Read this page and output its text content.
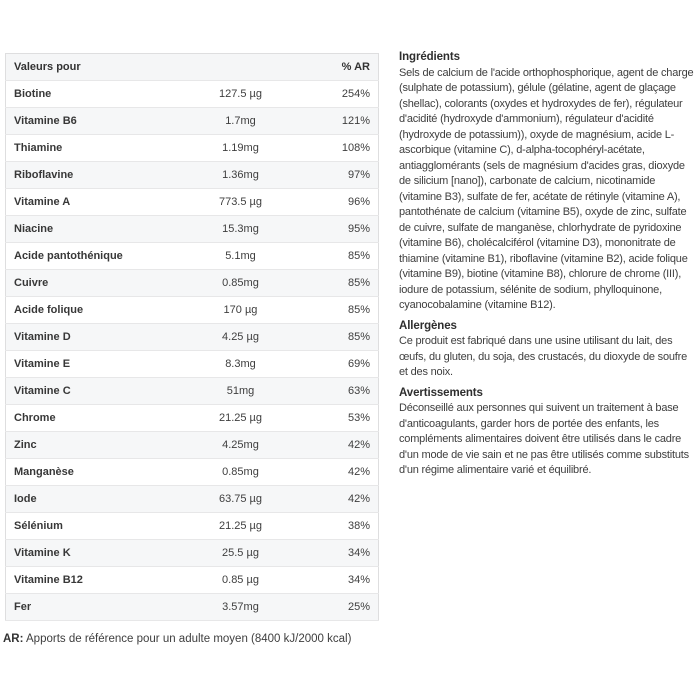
Valeurs pour		% AR
Biotine	127.5 µg	254%
Vitamine B6	1.7mg	121%
Thiamine	1.19mg	108%
Riboflavine	1.36mg	97%
Vitamine A	773.5 µg	96%
Niacine	15.3mg	95%
Acide pantothénique	5.1mg	85%
Cuivre	0.85mg	85%
Acide folique	170 µg	85%
Vitamine D	4.25 µg	85%
Vitamine E	8.3mg	69%
Vitamine C	51mg	63%
Chrome	21.25 µg	53%
Zinc	4.25mg	42%
Manganèse	0.85mg	42%
Iode	63.75 µg	42%
Sélénium	21.25 µg	38%
Vitamine K	25.5 µg	34%
Vitamine B12	0.85 µg	34%
Fer	3.57mg	25%

AR: Apports de référence pour un adulte moyen (8400 kJ/2000 kcal)

Ingrédients

Sels de calcium de l'acide orthophosphorique, agent de charge (sulphate de potassium), gélule (gélatine, agent de glaçage (shellac), colorants (oxydes et hydroxydes de fer), régulateur d'acidité (hydroxyde d'ammonium), régulateur d'acidité (hydroxyde de potassium)), oxyde de magnésium, acide L-ascorbique (vitamine C), d-alpha-tocophéryl-acétate, antiagglomérants (sels de magnésium d'acides gras, dioxyde de silicium [nano]), carbonate de calcium, nicotinamide (vitamine B3), sulfate de fer, acétate de rétinyle (vitamine A), pantothénate de calcium (vitamine B5), oxyde de zinc, sulfate de cuivre, sulfate de manganèse, chlorhydrate de pyridoxine (vitamine B6), cholécalciférol (vitamine D3), mononitrate de thiamine (vitamine B1), riboflavine (vitamine B2), acide folique (vitamine B9), biotine (vitamine B8), chlorure de chrome (III), iodure de potassium, sélénite de sodium, phylloquinone, cyanocobalamine (vitamine B12).

Allergènes

Ce produit est fabriqué dans une usine utilisant du lait, des œufs, du gluten, du soja, des crustacés, du dioxyde de soufre et des noix.

Avertissements

Déconseillé aux personnes qui suivent un traitement à base d'anticoagulants, garder hors de portée des enfants, les compléments alimentaires doivent être utilisés dans le cadre d'un mode de vie sain et ne pas être utilisés comme substituts d'un régime alimentaire varié et équilibré.
